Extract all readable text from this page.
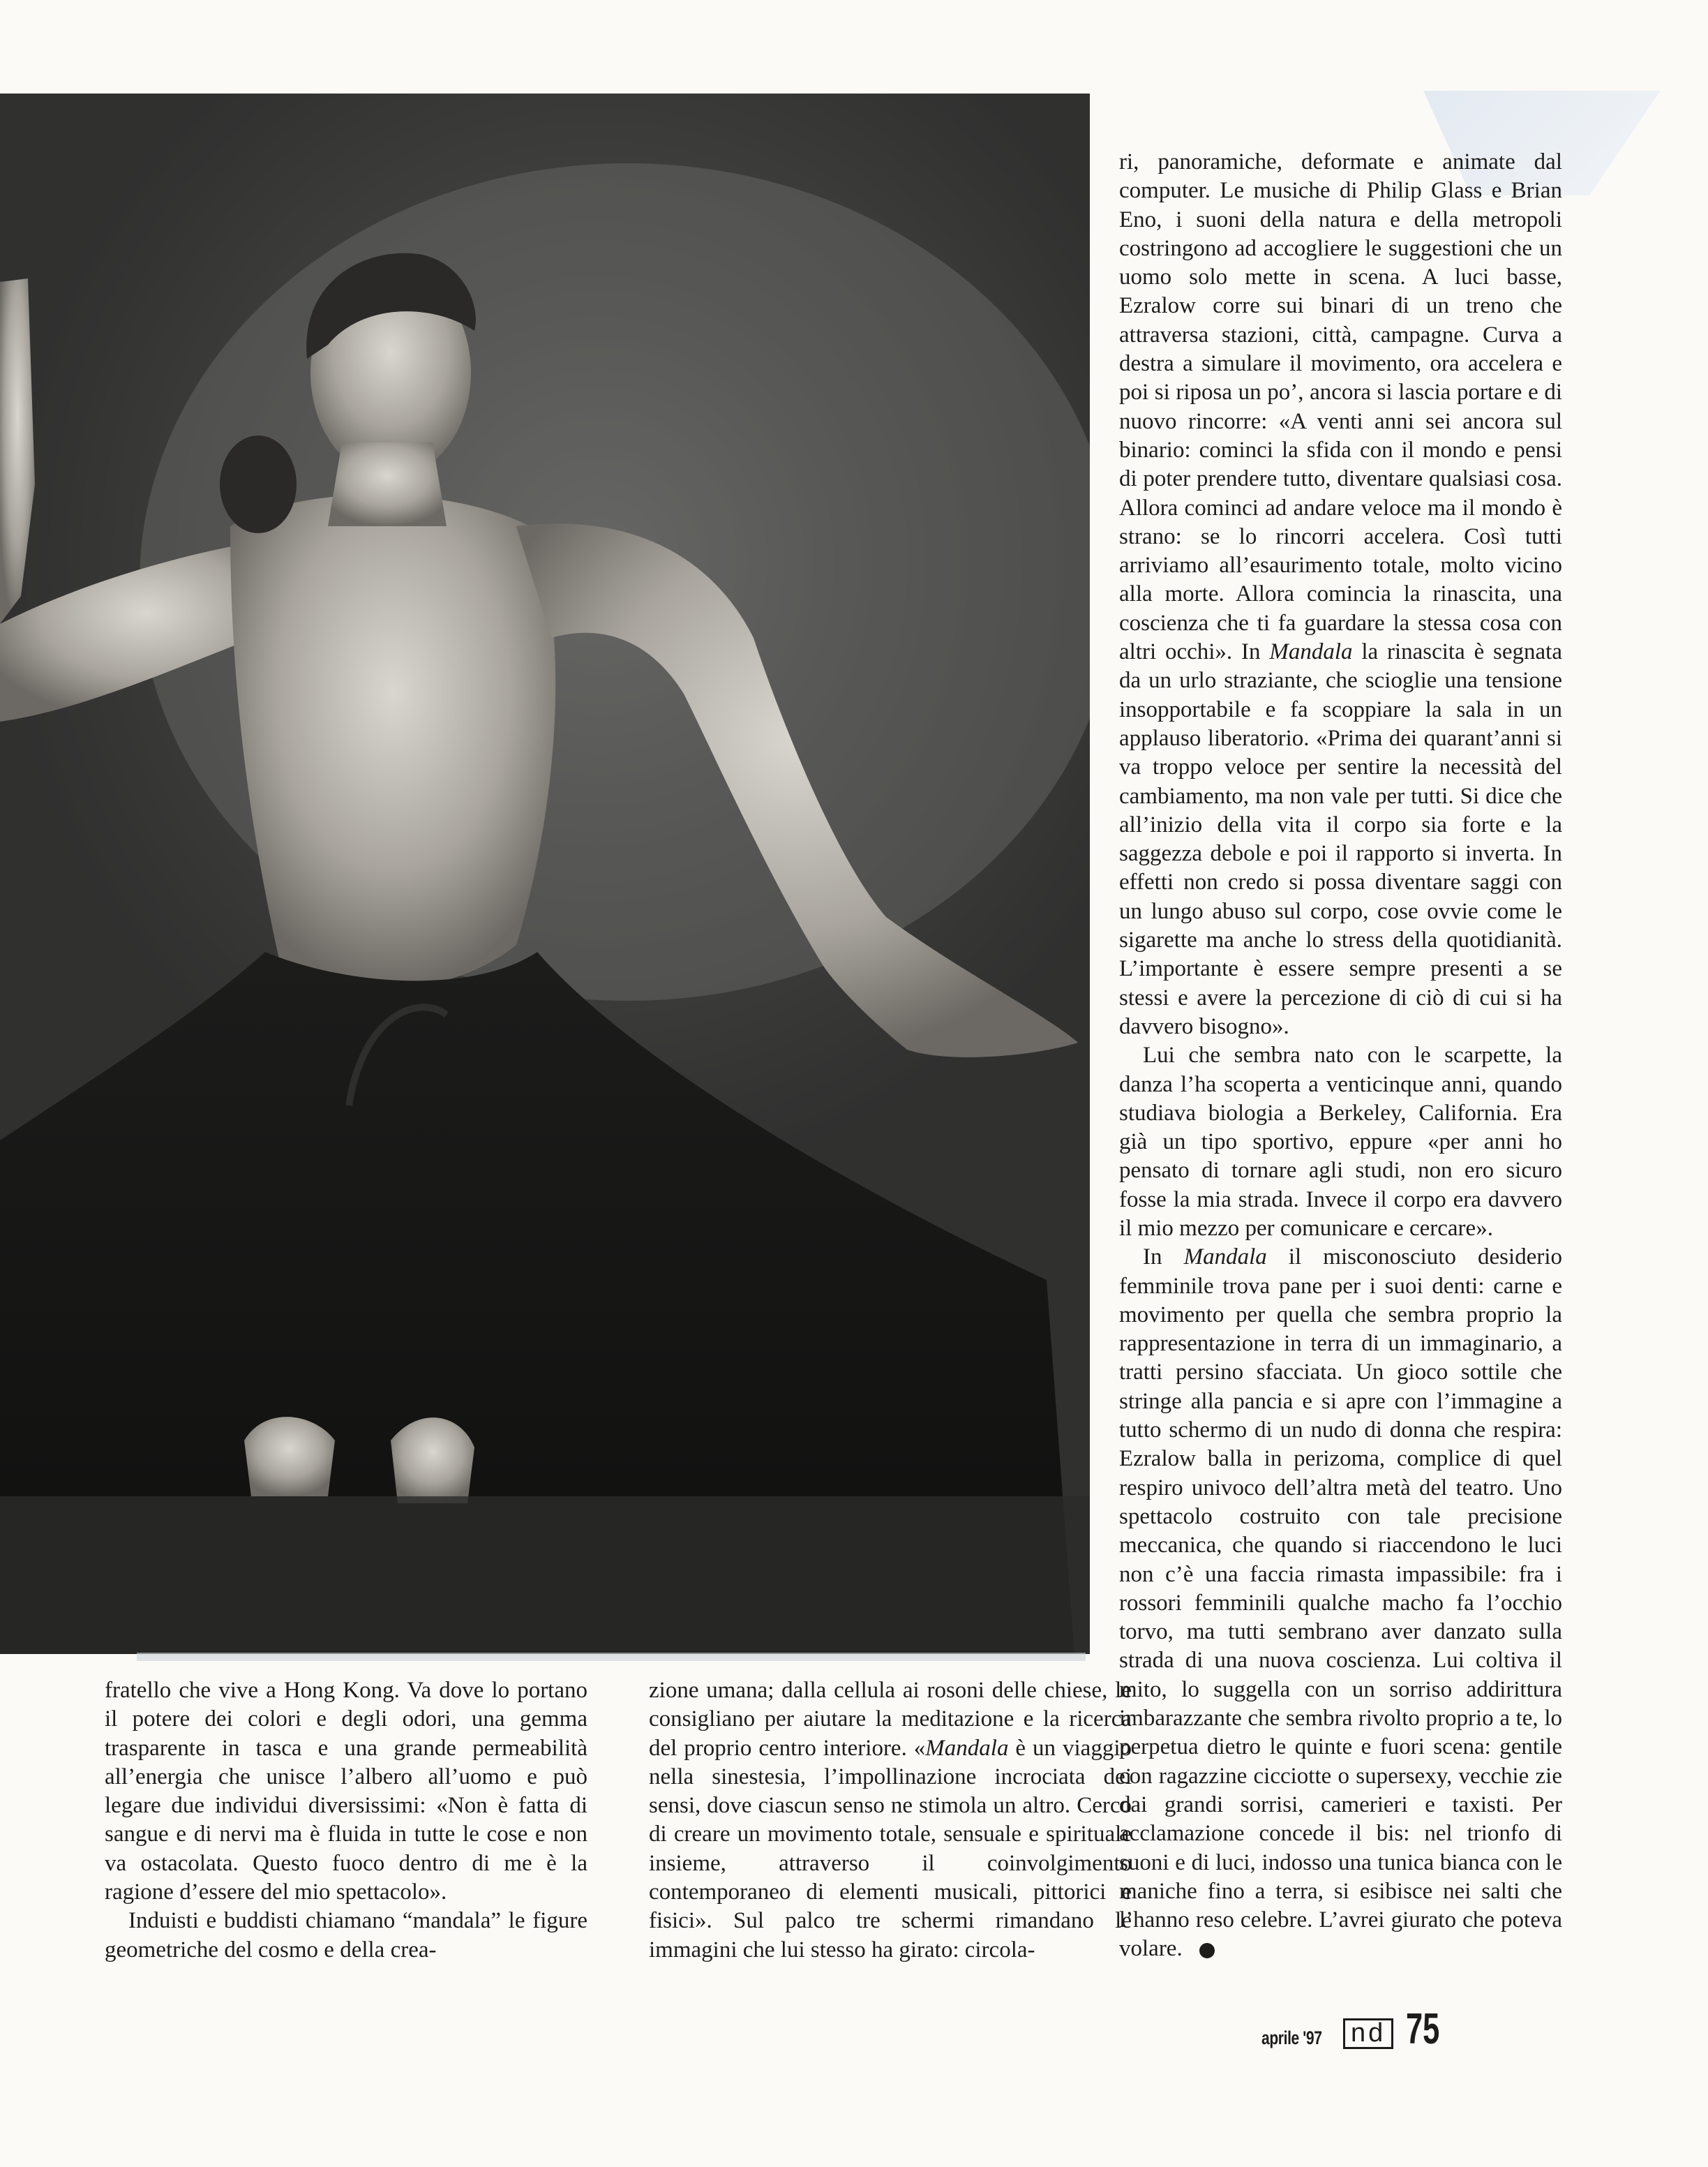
ri, panoramiche, deformate e animate dal computer. Le musiche di Philip Glass e Brian Eno, i suoni della natura e della metropoli costringono ad accogliere le suggestioni che un uomo solo mette in scena. A luci basse, Ezralow corre sui binari di un treno che attraversa stazioni, città, campagne. Curva a destra a simulare il movimento, ora accelera e poi si riposa un po’, ancora si lascia portare e di nuovo rincorre: «A venti anni sei ancora sul binario: cominci la sfida con il mondo e pensi di poter prendere tutto, diventare qualsiasi cosa. Allora cominci ad andare veloce ma il mondo è strano: se lo rincorri accelera. Così tutti arriviamo all’esaurimento totale, molto vicino alla morte. Allora comincia la rinascita, una coscienza che ti fa guardare la stessa cosa con altri occhi». In Mandala la rinascita è segnata da un urlo straziante, che scioglie una tensione insopportabile e fa scoppiare la sala in un applauso liberatorio. «Prima dei quarant’anni si va troppo veloce per sentire la necessità del cambiamento, ma non vale per tutti. Si dice che all’inizio della vita il corpo sia forte e la saggezza debole e poi il rapporto si inverta. In effetti non credo si possa diventare saggi con un lungo abuso sul corpo, cose ovvie come le sigarette ma anche lo stress della quotidianità. L’importante è essere sempre presenti a se stessi e avere la percezione di ciò di cui si ha davvero bisogno».

Lui che sembra nato con le scarpette, la danza l’ha scoperta a venticinque anni, quando studiava biologia a Berkeley, California. Era già un tipo sportivo, eppure «per anni ho pensato di tornare agli studi, non ero sicuro fosse la mia strada. Invece il corpo era davvero il mio mezzo per comunicare e cercare».

In Mandala il misconosciuto desiderio femminile trova pane per i suoi denti: carne e movimento per quella che sembra proprio la rappresentazione in terra di un immaginario, a tratti persino sfacciata. Un gioco sottile che stringe alla pancia e si apre con l’immagine a tutto schermo di un nudo di donna che respira: Ezralow balla in perizoma, complice di quel respiro univoco dell’altra metà del teatro. Uno spettacolo costruito con tale precisione meccanica, che quando si riaccendono le luci non c’è una faccia rimasta impassibile: fra i rossori femminili qualche macho fa l’occhio torvo, ma tutti sembrano aver danzato sulla strada di una nuova coscienza. Lui coltiva il mito, lo suggella con un sorriso addirittura imbarazzante che sembra rivolto proprio a te, lo perpetua dietro le quinte e fuori scena: gentile con ragazzine cicciotte o supersexy, vecchie zie dai grandi sorrisi, camerieri e taxisti. Per acclamazione concede il bis: nel trionfo di suoni e di luci, indosso una tunica bianca con le maniche fino a terra, si esibisce nei salti che l’hanno reso celebre. L’avrei giurato che poteva volare.

fratello che vive a Hong Kong. Va dove lo portano il potere dei colori e degli odori, una gemma trasparente in tasca e una grande permeabilità all’energia che unisce l’albero all’uomo e può legare due individui diversissimi: «Non è fatta di sangue e di nervi ma è fluida in tutte le cose e non va ostacolata. Questo fuoco dentro di me è la ragione d’essere del mio spettacolo».

Induisti e buddisti chiamano “mandala” le figure geometriche del cosmo e della crea-

zione umana; dalla cellula ai rosoni delle chiese, le consigliano per aiutare la meditazione e la ricerca del proprio centro interiore. «Mandala è un viaggio nella sinestesia, l’impollinazione incrociata dei sensi, dove ciascun senso ne stimola un altro. Cerco di creare un movimento totale, sensuale e spirituale insieme, attraverso il coinvolgimento contemporaneo di elementi musicali, pittorici e fisici». Sul palco tre schermi rimandano le immagini che lui stesso ha girato: circola-

aprile '97 nd 75
